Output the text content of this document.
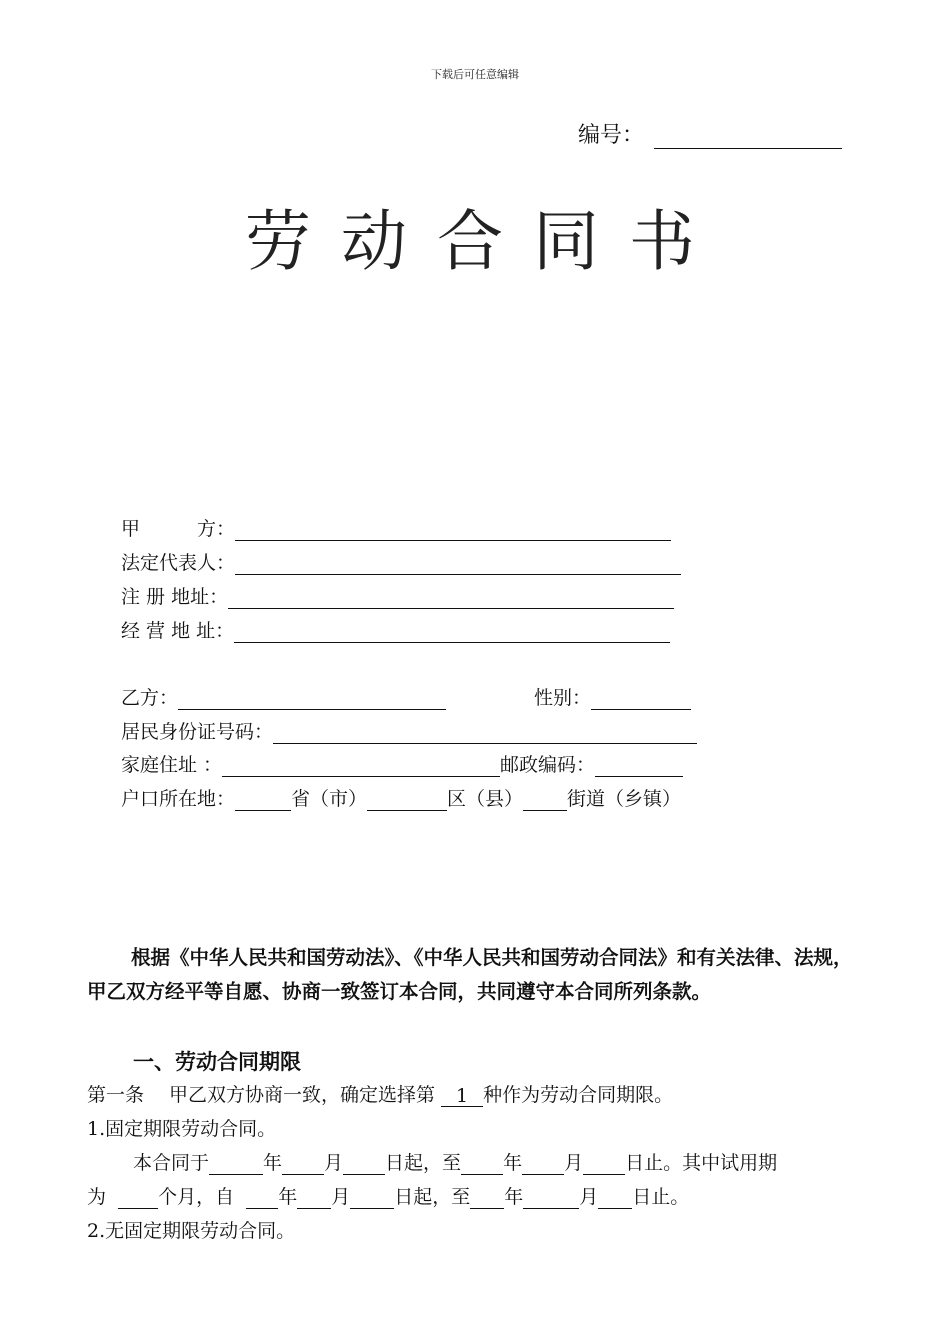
下载后可任意编辑
编号：
劳动合同书
甲　　　方：
法定代表人：
注 册 地址：
经 营 地 址：
乙方：	性别：
居民身份证号码：
家庭住址 ：	邮政编码：
户口所在地：	省（市）	区（县） 街道（乡镇）
根据《中华人民共和国劳动法》、《中华人民共和国劳动合同法》和有关法律、法规，甲乙双方经平等自愿、协商一致签订本合同，共同遵守本合同所列条款。
一、劳动合同期限
第一条　 甲乙双方协商一致，确定选择第 1 种作为劳动合同期限。
1.固定期限劳动合同。
本合同于	年 月 日起，至 年 月 日止。其中试用期
为	个月，自 年 月 日起，至 年	月 日止。
2.无固定期限劳动合同。
